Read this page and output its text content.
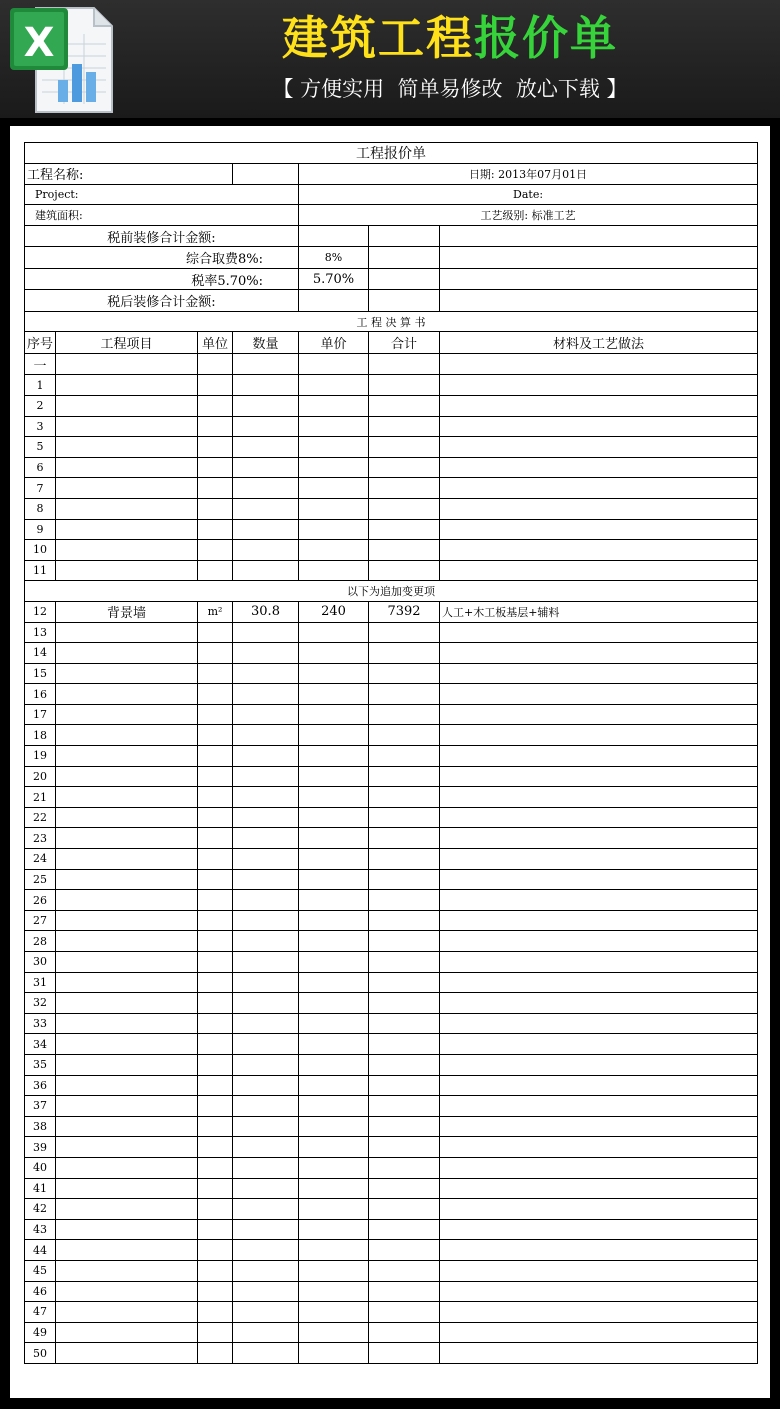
X	建筑工程报价单
【 方便实用  简单易修改  放心下载 】
工程报价单						
工程名称:				日期: 2013年07月01日		
Project:				Date:		
建筑面积:				工艺级别: 标准工艺		
税前装修合计金额:						
综合取费8%:				8%		
税率5.70%:				5.70%		
税后装修合计金额:						
工 程 决 算 书						
序号	工程项目	单位	数量	单价	合计	材料及工艺做法
一						
1						
2						
3						
5						
6						
7						
8						
9						
10						
11						
以下为追加变更项						
12	背景墙	m²	30.8	240	7392	人工+木工板基层+辅料
13						
14						
15						
16						
17						
18						
19						
20						
21						
22						
23						
24						
25						
26						
27						
28						
30						
31						
32						
33						
34						
35						
36						
37						
38						
39						
40						
41						
42						
43						
44						
45						
46						
47						
49						
50						
